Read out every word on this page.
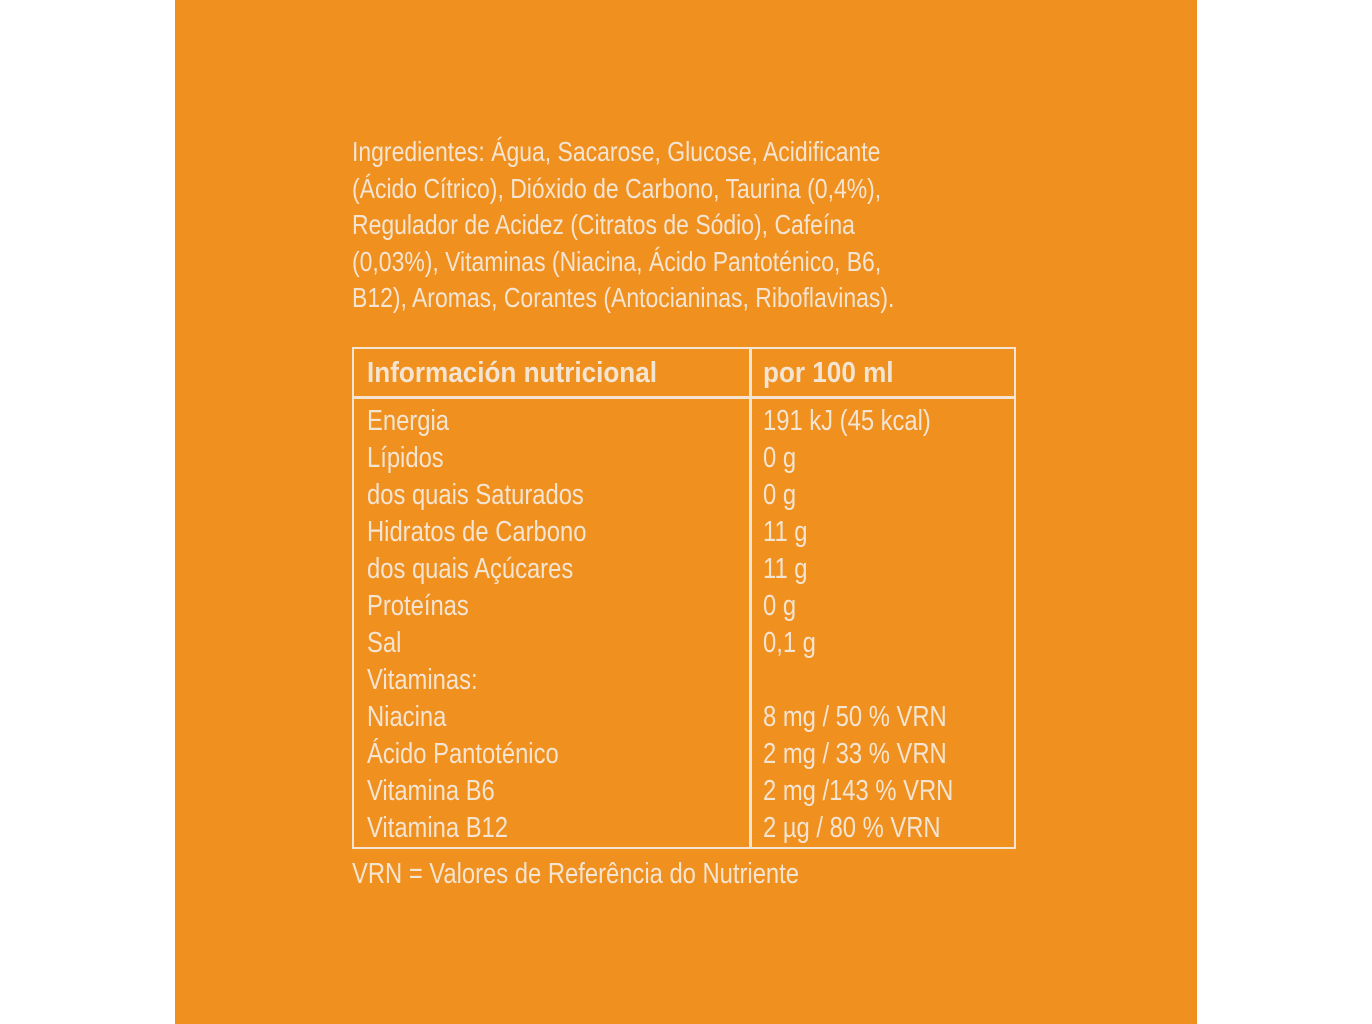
Ingredientes: Água, Sacarose, Glucose, Acidificante
(Ácido Cítrico), Dióxido de Carbono, Taurina (0,4%),
Regulador de Acidez (Citratos de Sódio), Cafeína
(0,03%), Vitaminas (Niacina, Ácido Pantoténico, B6,
B12), Aromas, Corantes (Antocianinas, Riboflavinas).
Información nutricional	por 100 ml
Energia	191 kJ (45 kcal)
Lípidos	0 g
dos quais Saturados	0 g
Hidratos de Carbono	11 g
dos quais Açúcares	11 g
Proteínas	0 g
Sal	0,1 g
Vitaminas:
Niacina	8 mg / 50 % VRN
Ácido Pantoténico	2 mg / 33 % VRN
Vitamina B6	2 mg /143 % VRN
Vitamina B12	2 µg / 80 % VRN
VRN = Valores de Referência do Nutriente
